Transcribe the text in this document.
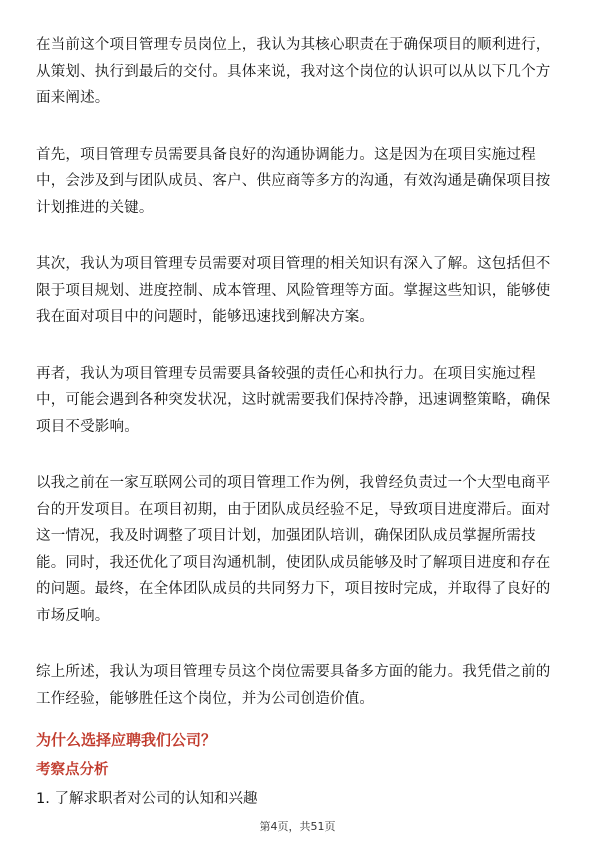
在当前这个项目管理专员岗位上，我认为其核心职责在于确保项目的顺利进行，从策划、执行到最后的交付。具体来说，我对这个岗位的认识可以从以下几个方面来阐述。

首先，项目管理专员需要具备良好的沟通协调能力。这是因为在项目实施过程中，会涉及到与团队成员、客户、供应商等多方的沟通，有效沟通是确保项目按计划推进的关键。

其次，我认为项目管理专员需要对项目管理的相关知识有深入了解。这包括但不限于项目规划、进度控制、成本管理、风险管理等方面。掌握这些知识，能够使我在面对项目中的问题时，能够迅速找到解决方案。

再者，我认为项目管理专员需要具备较强的责任心和执行力。在项目实施过程中，可能会遇到各种突发状况，这时就需要我们保持冷静，迅速调整策略，确保项目不受影响。

以我之前在一家互联网公司的项目管理工作为例，我曾经负责过一个大型电商平台的开发项目。在项目初期，由于团队成员经验不足，导致项目进度滞后。面对这一情况，我及时调整了项目计划，加强团队培训，确保团队成员掌握所需技能。同时，我还优化了项目沟通机制，使团队成员能够及时了解项目进度和存在的问题。最终，在全体团队成员的共同努力下，项目按时完成，并取得了良好的市场反响。

综上所述，我认为项目管理专员这个岗位需要具备多方面的能力。我凭借之前的工作经验，能够胜任这个岗位，并为公司创造价值。

为什么选择应聘我们公司？
考察点分析

1. 了解求职者对公司的认知和兴趣

第4页，共51页
